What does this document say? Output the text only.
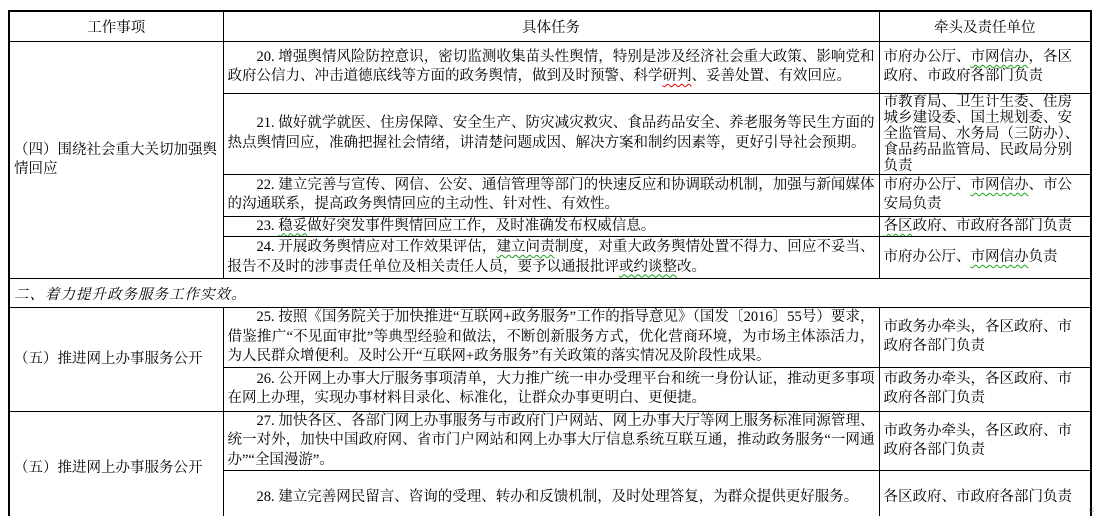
工作事项	具体任务	牵头及责任单位
（四）围绕社会重大关切加强舆情回应	20. 增强舆情风险防控意识，密切监测收集苗头性舆情，特别是涉及经济社会重大政策、影响党和政府公信力、冲击道德底线等方面的政务舆情，做到及时预警、科学研判、妥善处置、有效回应。	市府办公厅、市网信办，各区政府、市政府各部门负责

	21. 做好就学就医、住房保障、安全生产、防灾减灾救灾、食品药品安全、养老服务等民生方面的热点舆情回应，准确把握社会情绪，讲清楚问题成因、解决方案和制约因素等，更好引导社会预期。	市教育局、卫生计生委、住房城乡建设委、国土规划委、安全监管局、水务局（三防办）、食品药品监管局、民政局分别负责

	22. 建立完善与宣传、网信、公安、通信管理等部门的快速反应和协调联动机制，加强与新闻媒体的沟通联系，提高政务舆情回应的主动性、针对性、有效性。	市府办公厅、市网信办、市公安局负责

	23. 稳妥做好突发事件舆情回应工作，及时准确发布权威信息。	各区政府、市政府各部门负责

	24. 开展政务舆情应对工作效果评估，建立问责制度，对重大政务舆情处置不得力、回应不妥当、报告不及时的涉事责任单位及相关责任人员，要予以通报批评或约谈整改。	市府办公厅、市网信办负责
二、着力提升政务服务工作实效。		
（五）推进网上办事服务公开	25. 按照《国务院关于加快推进“互联网+政务服务”工作的指导意见》（国发〔2016〕55号）要求，借鉴推广“不见面审批”等典型经验和做法，不断创新服务方式，优化营商环境，为市场主体添活力，为人民群众增便利。及时公开“互联网+政务服务”有关政策的落实情况及阶段性成果。	市政务办牵头，各区政府、市政府各部门负责

	26. 公开网上办事大厅服务事项清单，大力推广统一申办受理平台和统一身份认证，推动更多事项在网上办理，实现办事材料目录化、标准化，让群众办事更明白、更便捷。	市政务办牵头，各区政府、市政府各部门负责
（五）推进网上办事服务公开	27. 加快各区、各部门网上办事服务与市政府门户网站、网上办事大厅等网上服务标准同源管理、统一对外，加快中国政府网、省市门户网站和网上办事大厅信息系统互联互通，推动政务服务“一网通办”“全国漫游”。	市政务办牵头，各区政府、市政府各部门负责

	28. 建立完善网民留言、咨询的受理、转办和反馈机制，及时处理答复，为群众提供更好服务。	各区政府、市政府各部门负责
□
